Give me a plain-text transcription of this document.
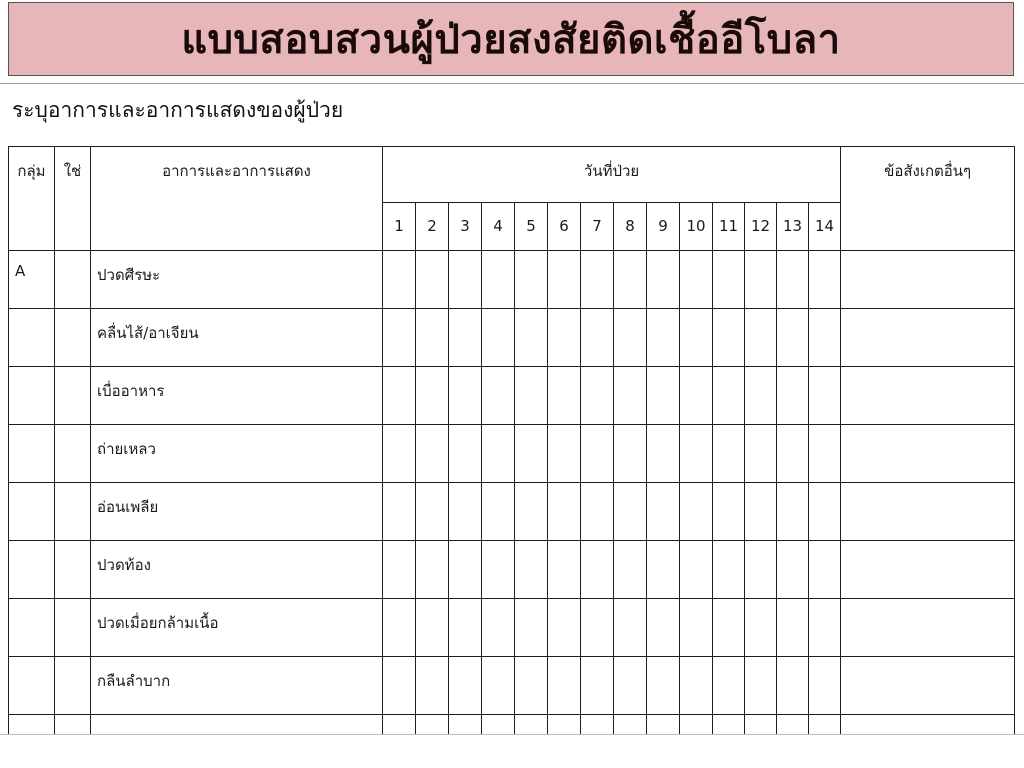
แบบสอบสวนผู้ป่วยสงสัยติดเชื้ออีโบลา
ระบุอาการและอาการแสดงของผู้ป่วย
กลุ่ม	ใช่	อาการและอาการแสดง	วันที่ป่วย														ข้อสังเกตอื่นๆ
			1	2	3	4	5	6	7	8	9	10	11	12	13	14	
A		ปวดศีรษะ															
		คลื่นไส้/อาเจียน															
		เบื่ออาหาร															
		ถ่ายเหลว															
		อ่อนเพลีย															
		ปวดท้อง															
		ปวดเมื่อยกล้ามเนื้อ															
		กลืนลำบาก															
